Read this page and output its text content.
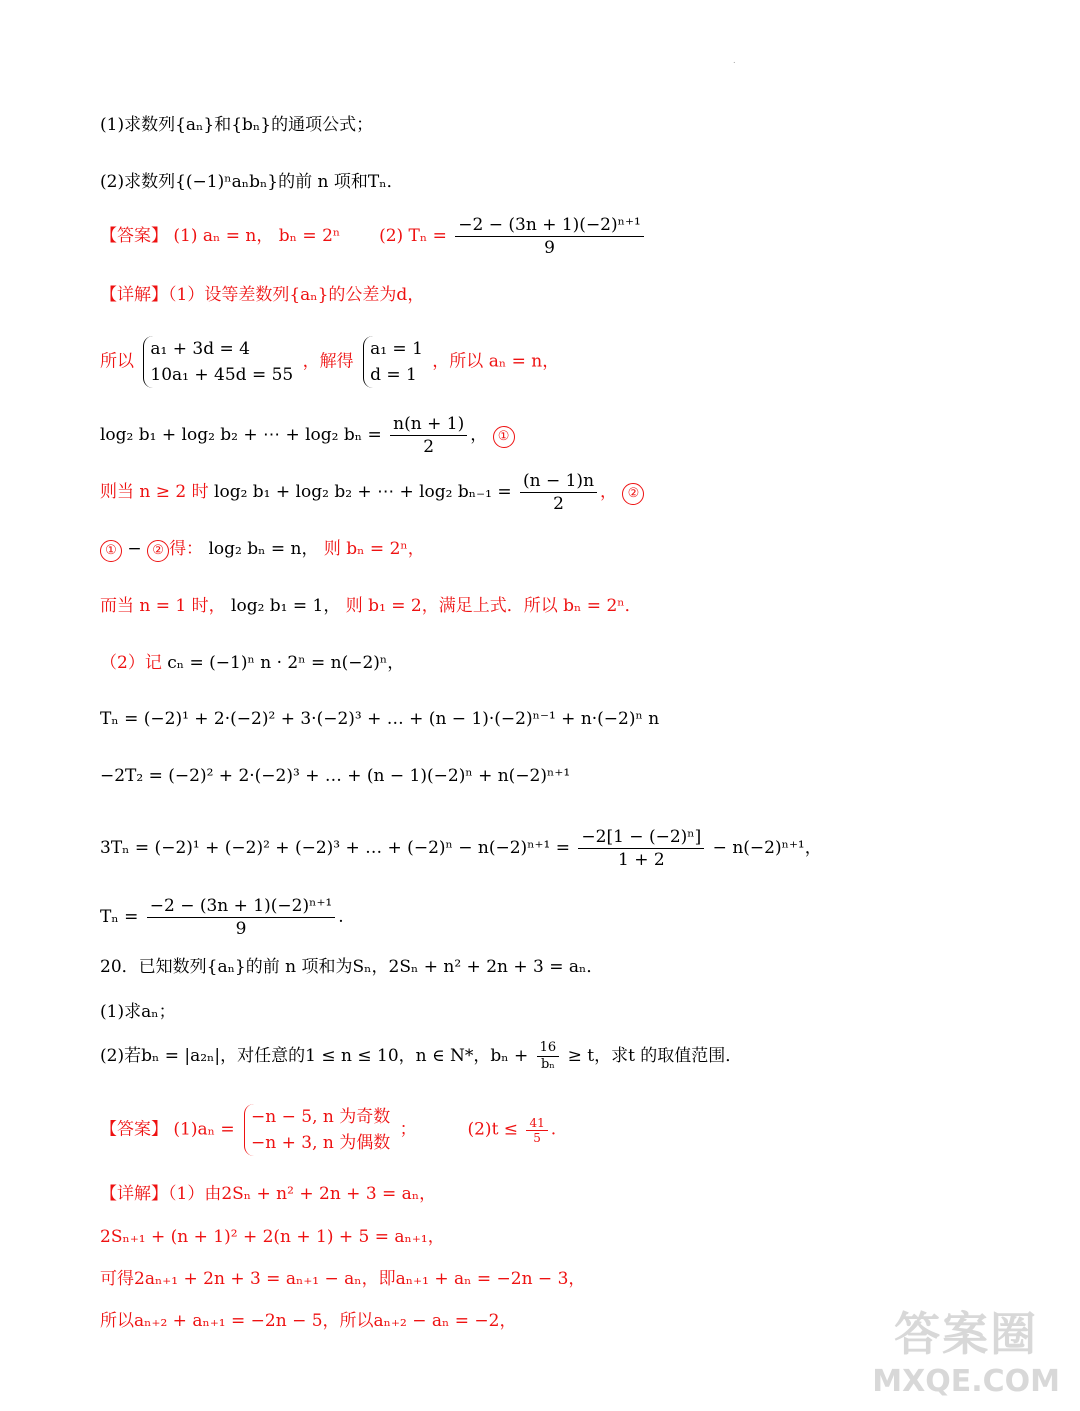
.
(1)求数列{aₙ}和{bₙ}的通项公式；
(2)求数列{(−1)ⁿaₙbₙ}的前 n 项和Tₙ．
【答案】 (1) aₙ = n， bₙ = 2ⁿ (2) $T_n = \frac{\text{−2 − (3n + 1)(−2)ⁿ⁺¹}}{9}$
【详解】（1）设等差数列{aₙ}的公差为d，
所以
a₁ + 3d = 4
10a₁ + 45d = 55
，解得
a₁ = 1
d = 1
，所以 aₙ = n，
log₂ b₁ + log₂ b₂ + ⋯ + log₂ $b_n = \frac{n(n + 1)}{2}$ ， ①
则当 n ≥ 2 时 log₂ b₁ + log₂ b₂ + ⋯ + log₂ $b_{n-1} = \frac{(n - 1)n}{2}$ ， ②
① − ② 得： log₂ bₙ = n， 则 bₙ = 2ⁿ，
而当 n = 1 时， log₂ b₁ = 1， 则 b₁ = 2，满足上式．所以 bₙ = 2ⁿ．
（2）记 cₙ = (−1)ⁿ n · 2ⁿ = n(−2)ⁿ，
Tₙ = (−2)¹ + 2·(−2)² + 3·(−2)³ + … + (n − 1)·(−2)ⁿ⁻¹ + n·(−2)ⁿ n
−2T₂ = (−2)² + 2·(−2)³ + … + (n − 1)(−2)ⁿ + n(−2)ⁿ⁺¹
3Tₙ = (−2)¹ + (−2)² + (−2)³ + … + $(-2)^n - n(-2)^{n+1} = \frac{\text{−2[1 − (−2)ⁿ]}}{1 + 2} - n(-2)^{n+1}$，
$T_n = \frac{\text{−2 − (3n + 1)(−2)ⁿ⁺¹}}{9}$ .
20．已知数列{aₙ}的前 n 项和为Sₙ，2Sₙ + n² + 2n + 3 = aₙ．
(1)求aₙ；
(2)若bₙ = |a₂ₙ|，对任意的1 ≤ n ≤ 10，n ∈ N*，$b_n + \frac{16}{\text{bₙ}} \ge t$，求t 的取值范围．
【答案】 (1)aₙ =
−n − 5, n 为奇数
−n + 3, n 为偶数
；	$(2)t \le \frac{41}{5}$ .
【详解】（1）由2Sₙ + n² + 2n + 3 = aₙ，
2Sₙ₊₁ + (n + 1)² + 2(n + 1) + 5 = aₙ₊₁，
可得2aₙ₊₁ + 2n + 3 = aₙ₊₁ − aₙ，即aₙ₊₁ + aₙ = −2n − 3，
所以aₙ₊₂ + aₙ₊₁ = −2n − 5，所以aₙ₊₂ − aₙ = −2，	答案圈
MXQE.COM
